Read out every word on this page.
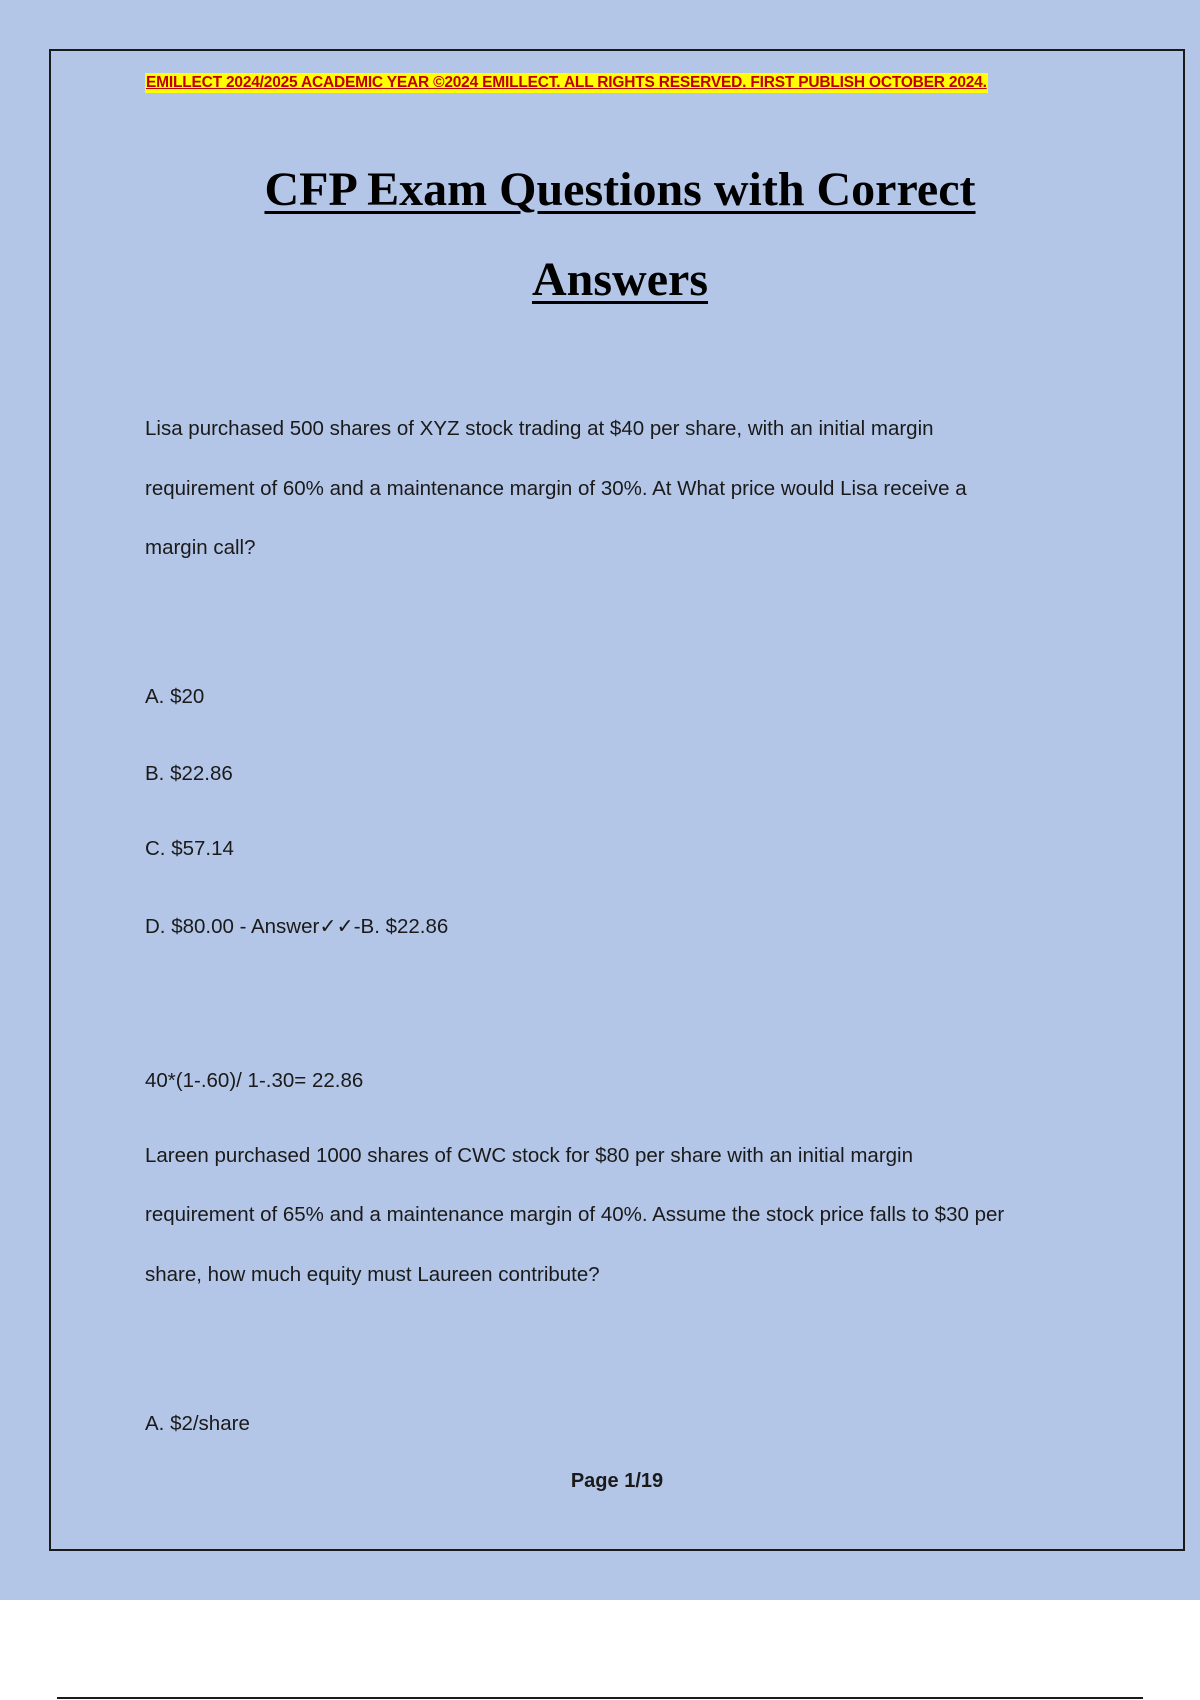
EMILLECT 2024/2025 ACADEMIC YEAR ©2024 EMILLECT. ALL RIGHTS RESERVED. FIRST PUBLISH OCTOBER 2024.
CFP Exam Questions with Correct
Answers
Lisa purchased 500 shares of XYZ stock trading at $40 per share, with an initial margin
requirement of 60% and a maintenance margin of 30%. At What price would Lisa receive a
margin call?
A. $20
B. $22.86
C. $57.14
D. $80.00 - Answer✓✓-B. $22.86
40*(1-.60)/ 1-.30= 22.86
Lareen purchased 1000 shares of CWC stock for $80 per share with an initial margin
requirement of 65% and a maintenance margin of 40%. Assume the stock price falls to $30 per
share, how much equity must Laureen contribute?
A. $2/share
Page 1/19
